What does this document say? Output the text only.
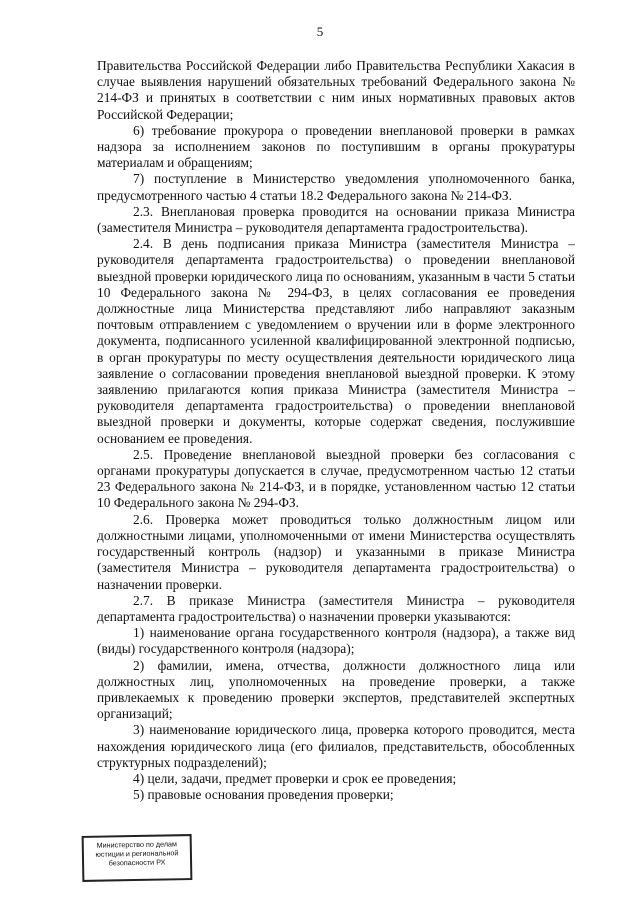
5

Правительства Российской Федерации либо Правительства Республики Хакасия в случае выявления нарушений обязательных требований Федерального закона № 214-ФЗ и принятых в соответствии с ним иных нормативных правовых актов Российской Федерации;

6) требование прокурора о проведении внеплановой проверки в рамках надзора за исполнением законов по поступившим в органы прокуратуры материалам и обращениям;

7) поступление в Министерство уведомления уполномоченного банка, предусмотренного частью 4 статьи 18.2 Федерального закона № 214-ФЗ.

2.3. Внеплановая проверка проводится на основании приказа Министра (заместителя Министра – руководителя департамента градостроительства).

2.4. В день подписания приказа Министра (заместителя Министра – руководителя департамента градостроительства) о проведении внеплановой выездной проверки юридического лица по основаниям, указанным в части 5 статьи 10 Федерального закона № 294-ФЗ, в целях согласования ее проведения должностные лица Министерства представляют либо направляют заказным почтовым отправлением с уведомлением о вручении или в форме электронного документа, подписанного усиленной квалифицированной электронной подписью, в орган прокуратуры по месту осуществления деятельности юридического лица заявление о согласовании проведения внеплановой выездной проверки. К этому заявлению прилагаются копия приказа Министра (заместителя Министра – руководителя департамента градостроительства) о проведении внеплановой выездной проверки и документы, которые содержат сведения, послужившие основанием ее проведения.

2.5. Проведение внеплановой выездной проверки без согласования с органами прокуратуры допускается в случае, предусмотренном частью 12 статьи 23 Федерального закона № 214-ФЗ, и в порядке, установленном частью 12 статьи 10 Федерального закона № 294-ФЗ.

2.6. Проверка может проводиться только должностным лицом или должностными лицами, уполномоченными от имени Министерства осуществлять государственный контроль (надзор) и указанными в приказе Министра (заместителя Министра – руководителя департамента градостроительства) о назначении проверки.

2.7. В приказе Министра (заместителя Министра – руководителя департамента градостроительства) о назначении проверки указываются:

1) наименование органа государственного контроля (надзора), а также вид (виды) государственного контроля (надзора);

2) фамилии, имена, отчества, должности должностного лица или должностных лиц, уполномоченных на проведение проверки, а также привлекаемых к проведению проверки экспертов, представителей экспертных организаций;

3) наименование юридического лица, проверка которого проводится, места нахождения юридического лица (его филиалов, представительств, обособленных структурных подразделений);

4) цели, задачи, предмет проверки и срок ее проведения;

5) правовые основания проведения проверки;

Министерство по делам
юстиции и региональной
безопасности РХ
